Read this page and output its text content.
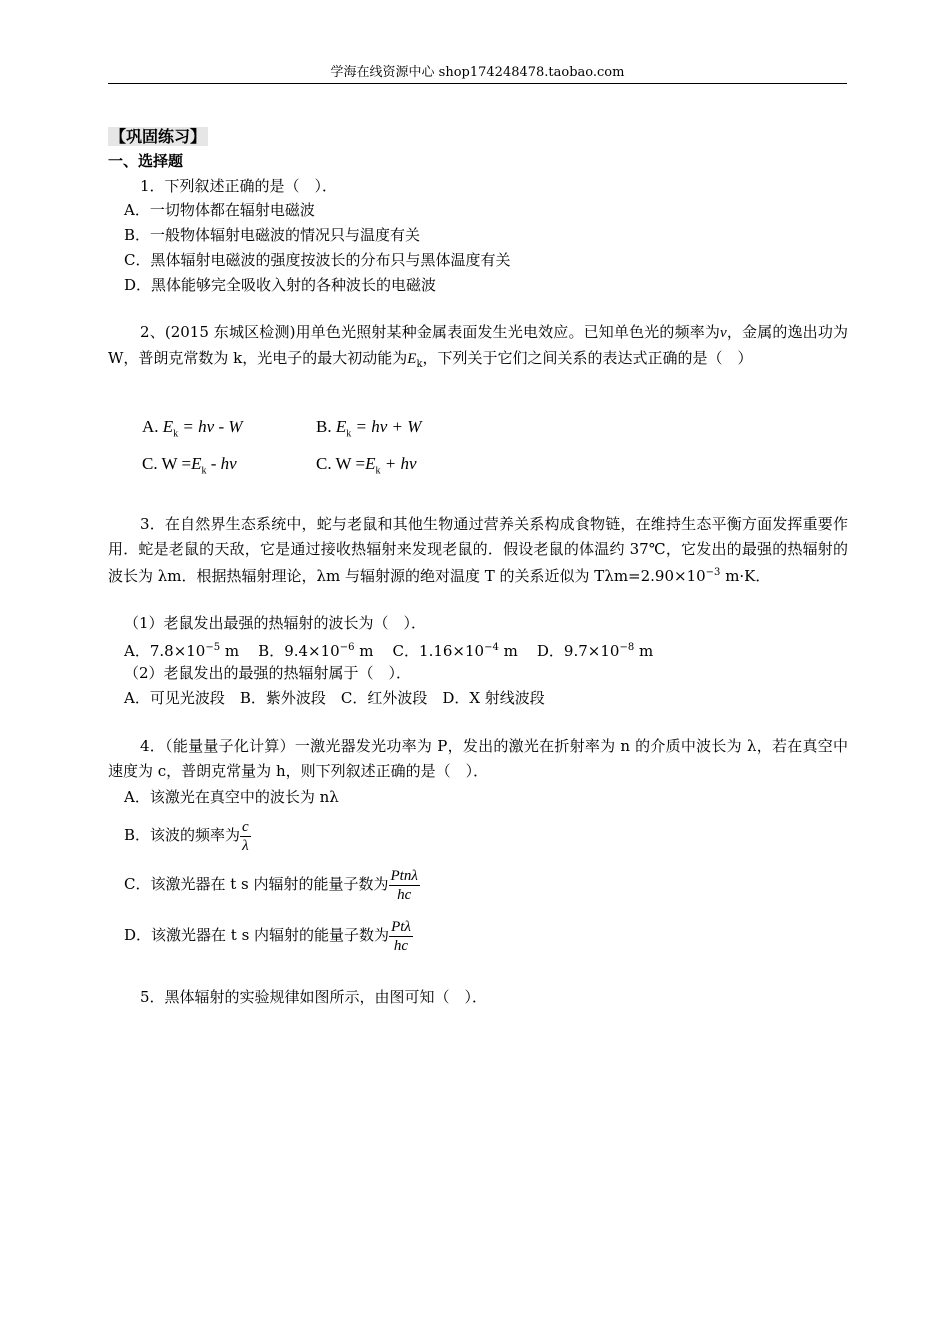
学海在线资源中心 shop174248478.taobao.com
【巩固练习】
一、选择题
1．下列叙述正确的是（　）．
A．一切物体都在辐射电磁波
B．一般物体辐射电磁波的情况只与温度有关
C．黑体辐射电磁波的强度按波长的分布只与黑体温度有关
D．黑体能够完全吸收入射的各种波长的电磁波
2、(2015 东城区检测)用单色光照射某种金属表面发生光电效应。已知单色光的频率为ν，金属的逸出功为 W，普朗克常数为 k，光电子的最大初动能为$E_k$，下列关于它们之间关系的表达式正确的是（　）
A. $E_k = h\nu - W$	B. $E_k = h\nu + W$
C. $W =E_k - h\nu$	C. $W =E_k + h\nu$
3．在自然界生态系统中，蛇与老鼠和其他生物通过营养关系构成食物链，在维持生态平衡方面发挥重要作用．蛇是老鼠的天敌，它是通过接收热辐射来发现老鼠的．假设老鼠的体温约 37℃，它发出的最强的热辐射的波长为 λm．根据热辐射理论，λm 与辐射源的绝对温度 T 的关系近似为 $T\lambda m=2.90\times 10^{-3}$ m·K．
（1）老鼠发出最强的热辐射的波长为（　）．
A．$7.8\times 10^{-5}$ m B．$9.4\times 10^{-6}$ m C．$1.16\times 10^{-4}$ m D．$9.7\times 10^{-8}$ m
（2）老鼠发出的最强的热辐射属于（　）．
A．可见光波段　B．紫外波段　C．红外波段　D．X 射线波段
4．（能量量子化计算）一激光器发光功率为 P，发出的激光在折射率为 n 的介质中波长为 λ，若在真空中速度为 c，普朗克常量为 h，则下列叙述正确的是（　）．
A．该激光在真空中的波长为 nλ
B．该波的频率为 $\frac{c}{\lambda}$
C．该激光器在 t s 内辐射的能量子数为 $\frac{\text{Ptnλ}}{hc}$
D．该激光器在 t s 内辐射的能量子数为 $\frac{\text{Ptλ}}{hc}$
5．黑体辐射的实验规律如图所示，由图可知（　）．
